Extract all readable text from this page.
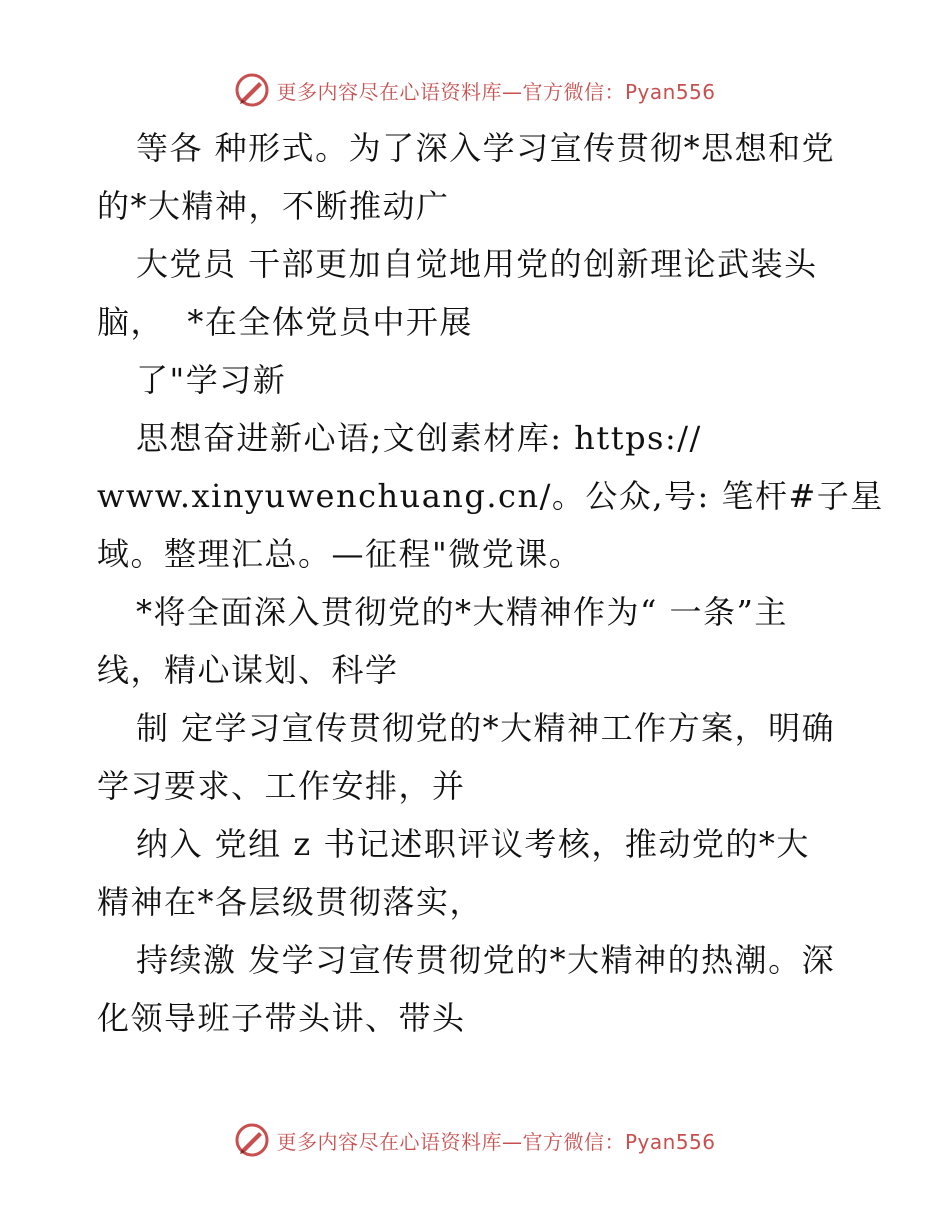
更多内容尽在心语资料库—官方微信：Pyan556
等各 种形式。为了深入学习宣传贯彻*思想和党
的*大精神，不断推动广
大党员 干部更加自觉地用党的创新理论武装头
脑，  *在全体党员中开展
了"学习新
思想奋进新心语;文创素材库: https://
www.xinyuwenchuang.cn/。公众,号: 笔杆#子星
域。整理汇总。—征程"微党课。
*将全面深入贯彻党的*大精神作为“ 一条”主
线，精心谋划、科学
制 定学习宣传贯彻党的*大精神工作方案，明确
学习要求、工作安排，并
纳入 党组 z 书记述职评议考核，推动党的*大
精神在*各层级贯彻落实，
持续激 发学习宣传贯彻党的*大精神的热潮。深
化领导班子带头讲、带头
更多内容尽在心语资料库—官方微信：Pyan556
